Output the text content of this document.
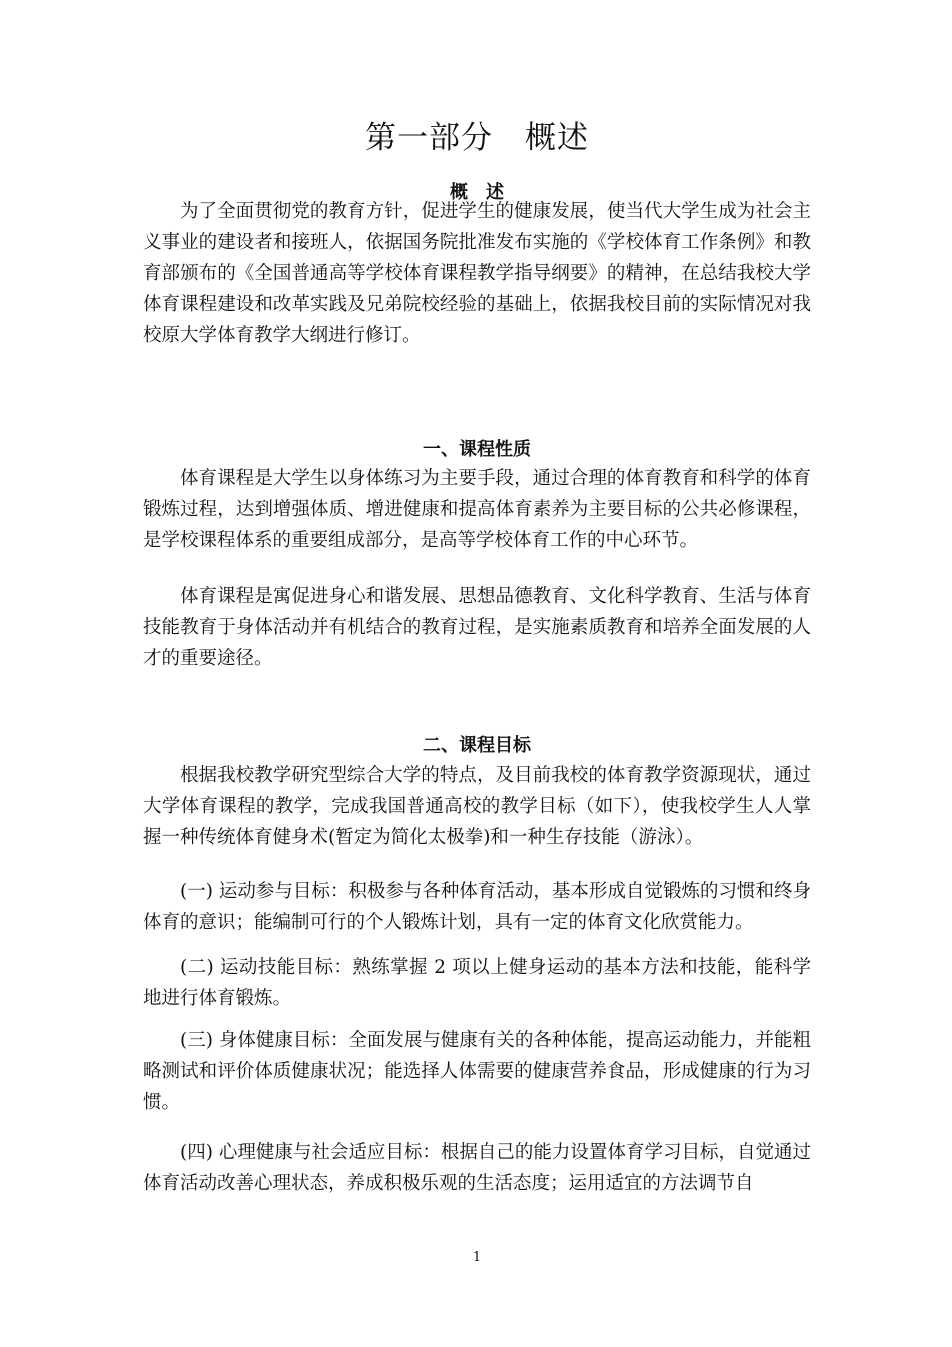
第一部分　概述
概述

为了全面贯彻党的教育方针，促进学生的健康发展，使当代大学生成为社会主义事业的建设者和接班人，依据国务院批准发布实施的《学校体育工作条例》和教育部颁布的《全国普通高等学校体育课程教学指导纲要》的精神，在总结我校大学体育课程建设和改革实践及兄弟院校经验的基础上，依据我校目前的实际情况对我校原大学体育教学大纲进行修订。

一、课程性质

体育课程是大学生以身体练习为主要手段，通过合理的体育教育和科学的体育锻炼过程，达到增强体质、增进健康和提高体育素养为主要目标的公共必修课程，是学校课程体系的重要组成部分，是高等学校体育工作的中心环节。

体育课程是寓促进身心和谐发展、思想品德教育、文化科学教育、生活与体育技能教育于身体活动并有机结合的教育过程，是实施素质教育和培养全面发展的人才的重要途径。

二、课程目标

根据我校教学研究型综合大学的特点，及目前我校的体育教学资源现状，通过大学体育课程的教学，完成我国普通高校的教学目标（如下），使我校学生人人掌握一种传统体育健身术(暂定为简化太极拳)和一种生存技能（游泳）。

(一) 运动参与目标：积极参与各种体育活动，基本形成自觉锻炼的习惯和终身体育的意识；能编制可行的个人锻炼计划，具有一定的体育文化欣赏能力。

(二) 运动技能目标：熟练掌握 2 项以上健身运动的基本方法和技能，能科学地进行体育锻炼。

(三) 身体健康目标：全面发展与健康有关的各种体能，提高运动能力，并能粗略测试和评价体质健康状况；能选择人体需要的健康营养食品，形成健康的行为习惯。

(四) 心理健康与社会适应目标：根据自己的能力设置体育学习目标，自觉通过体育活动改善心理状态，养成积极乐观的生活态度；运用适宜的方法调节自

1
